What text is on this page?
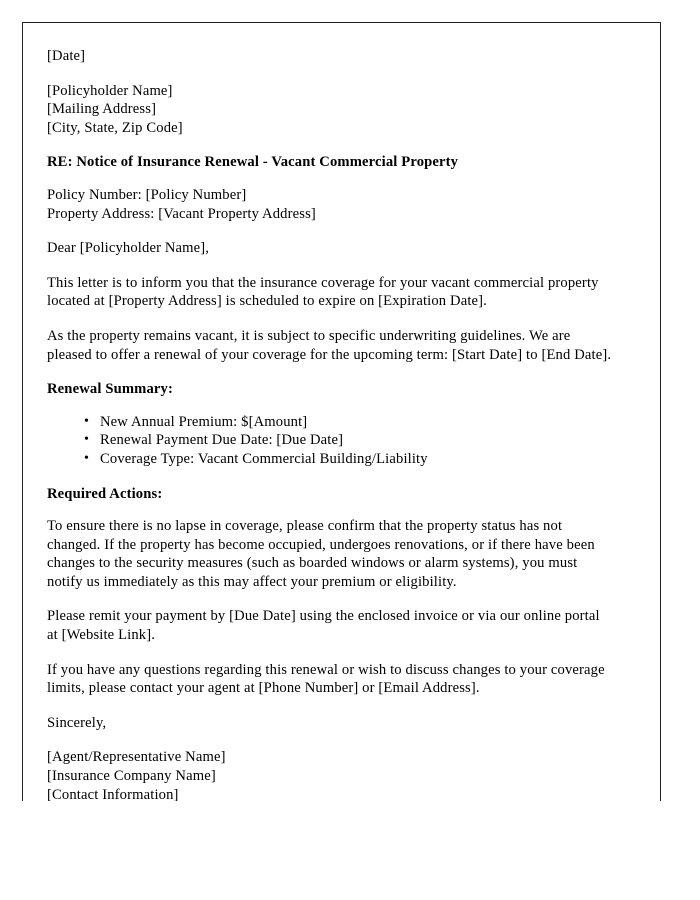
[Date]
[Policyholder Name]
[Mailing Address]
[City, State, Zip Code]

RE: Notice of Insurance Renewal - Vacant Commercial Property

Policy Number: [Policy Number]
Property Address: [Vacant Property Address]

Dear [Policyholder Name],

This letter is to inform you that the insurance coverage for your vacant commercial property located at [Property Address] is scheduled to expire on [Expiration Date].

As the property remains vacant, it is subject to specific underwriting guidelines. We are pleased to offer a renewal of your coverage for the upcoming term: [Start Date] to [End Date].

Renewal Summary:

• New Annual Premium: $[Amount]
• Renewal Payment Due Date: [Due Date]
• Coverage Type: Vacant Commercial Building/Liability

Required Actions:

To ensure there is no lapse in coverage, please confirm that the property status has not changed. If the property has become occupied, undergoes renovations, or if there have been changes to the security measures (such as boarded windows or alarm systems), you must notify us immediately as this may affect your premium or eligibility.

Please remit your payment by [Due Date] using the enclosed invoice or via our online portal at [Website Link].

If you have any questions regarding this renewal or wish to discuss changes to your coverage limits, please contact your agent at [Phone Number] or [Email Address].

Sincerely,

[Agent/Representative Name]
[Insurance Company Name]
[Contact Information]
